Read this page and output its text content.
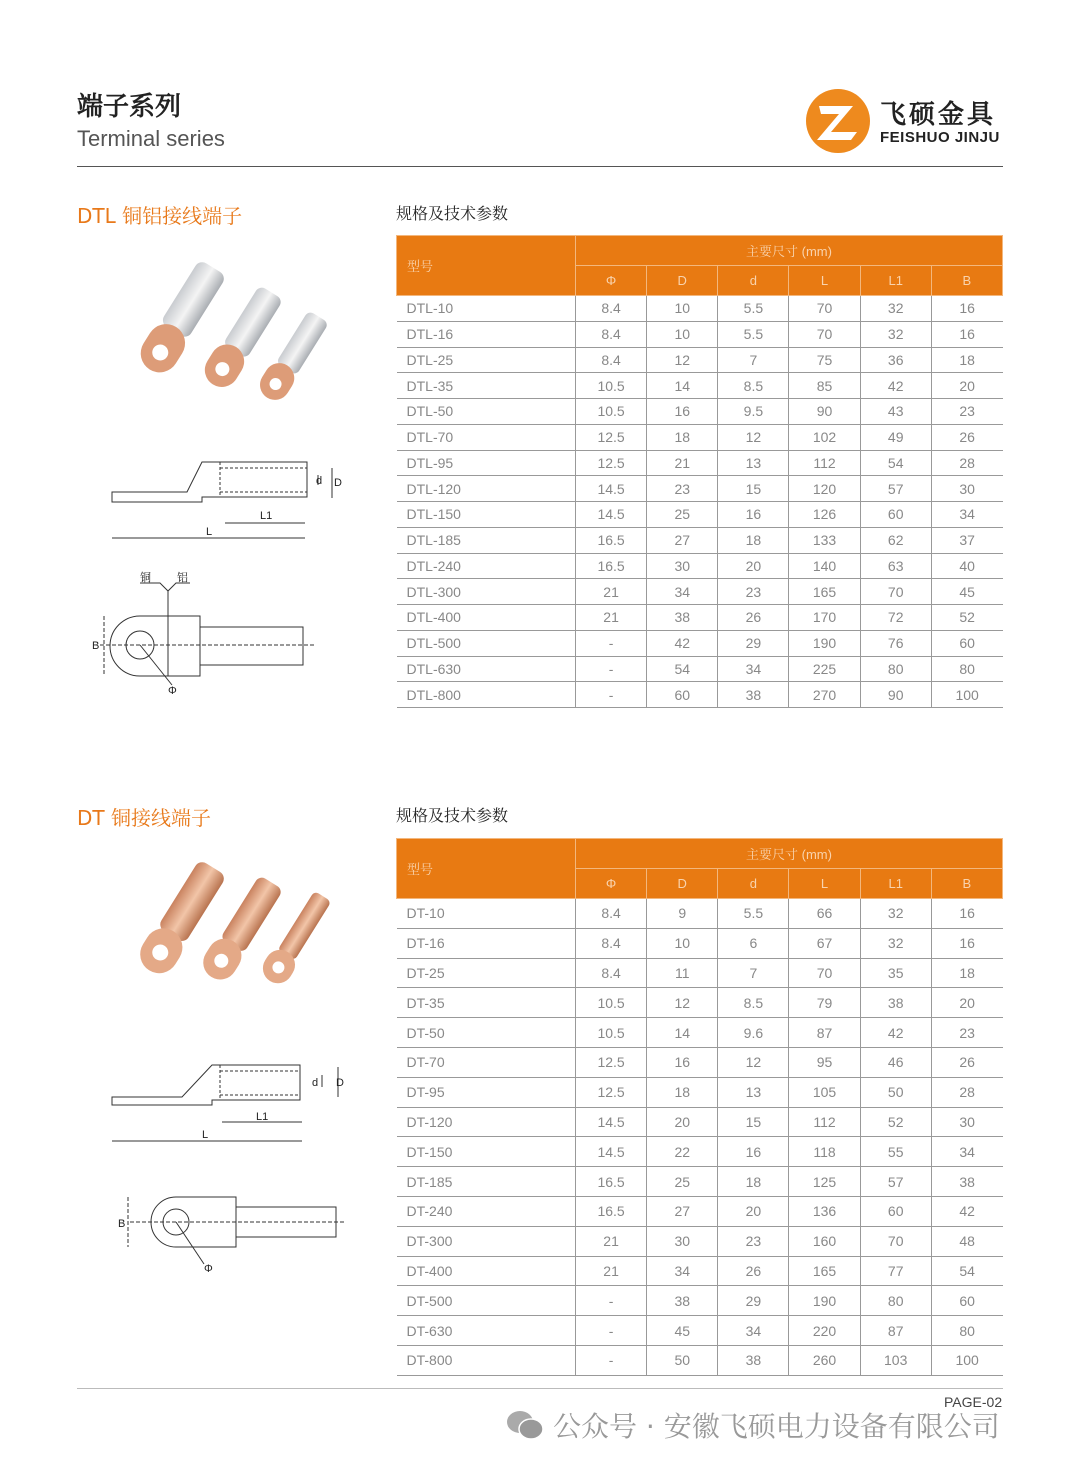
端子系列
Terminal series
飞硕金具
FEISHUO JINJU
DTL 铜铝接线端子	规格及技术参数
d D
L1
L
铜 铝
B
Φ
型号	主要尺寸 (mm)					
	Φ	D	d	L	L1	B
DTL-10	8.4	10	5.5	70	32	16
DTL-16	8.4	10	5.5	70	32	16
DTL-25	8.4	12	7	75	36	18
DTL-35	10.5	14	8.5	85	42	20
DTL-50	10.5	16	9.5	90	43	23
DTL-70	12.5	18	12	102	49	26
DTL-95	12.5	21	13	112	54	28
DTL-120	14.5	23	15	120	57	30
DTL-150	14.5	25	16	126	60	34
DTL-185	16.5	27	18	133	62	37
DTL-240	16.5	30	20	140	63	40
DTL-300	21	34	23	165	70	45
DTL-400	21	38	26	170	72	52
DTL-500	-	42	29	190	76	60
DTL-630	-	54	34	225	80	80
DTL-800	-	60	38	270	90	100
DT 铜接线端子	规格及技术参数
d D
L1
L
B
Φ
型号	主要尺寸 (mm)					
	Φ	D	d	L	L1	B
DT-10	8.4	9	5.5	66	32	16
DT-16	8.4	10	6	67	32	16
DT-25	8.4	11	7	70	35	18
DT-35	10.5	12	8.5	79	38	20
DT-50	10.5	14	9.6	87	42	23
DT-70	12.5	16	12	95	46	26
DT-95	12.5	18	13	105	50	28
DT-120	14.5	20	15	112	52	30
DT-150	14.5	22	16	118	55	34
DT-185	16.5	25	18	125	57	38
DT-240	16.5	27	20	136	60	42
DT-300	21	30	23	160	70	48
DT-400	21	34	26	165	77	54
DT-500	-	38	29	190	80	60
DT-630	-	45	34	220	87	80
DT-800	-	50	38	260	103	100
PAGE-02
公众号 · 安徽飞硕电力设备有限公司
